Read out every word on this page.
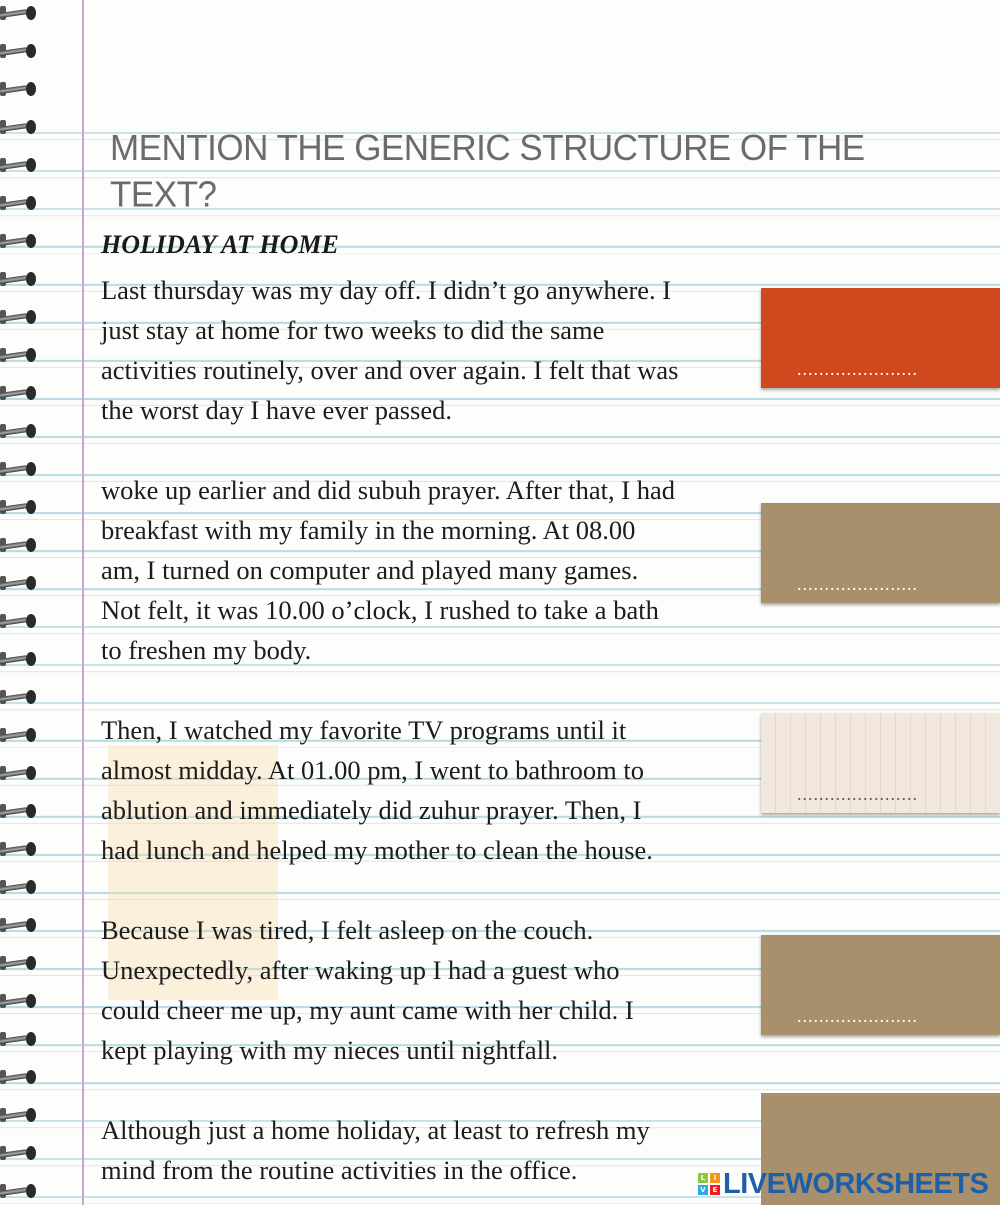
MENTION THE GENERIC STRUCTURE OF THE TEXT?
HOLIDAY AT HOME
Last thursday was my day off. I didn’t go anywhere. I
just stay at home for two weeks to did the same
activities routinely, over and over again. I felt that was
the worst day I have ever passed.
woke up earlier and did subuh prayer. After that, I had
breakfast with my family in the morning. At 08.00
am, I turned on computer and played many games.
Not felt, it was 10.00 o’clock, I rushed to take a bath
to freshen my body.
Then, I watched my favorite TV programs until it
almost midday. At 01.00 pm, I went to bathroom to
ablution and immediately did zuhur prayer. Then, I
had lunch and helped my mother to clean the house.
Because I was tired, I felt asleep on the couch.
Unexpectedly, after waking up I had a guest who
could cheer me up, my aunt came with her child. I
kept playing with my nieces until nightfall.
Although just a home holiday, at least to refresh my
mind from the routine activities in the office.
......................
......................
......................
......................
L	I
V E LIVEWORKSHEETS
